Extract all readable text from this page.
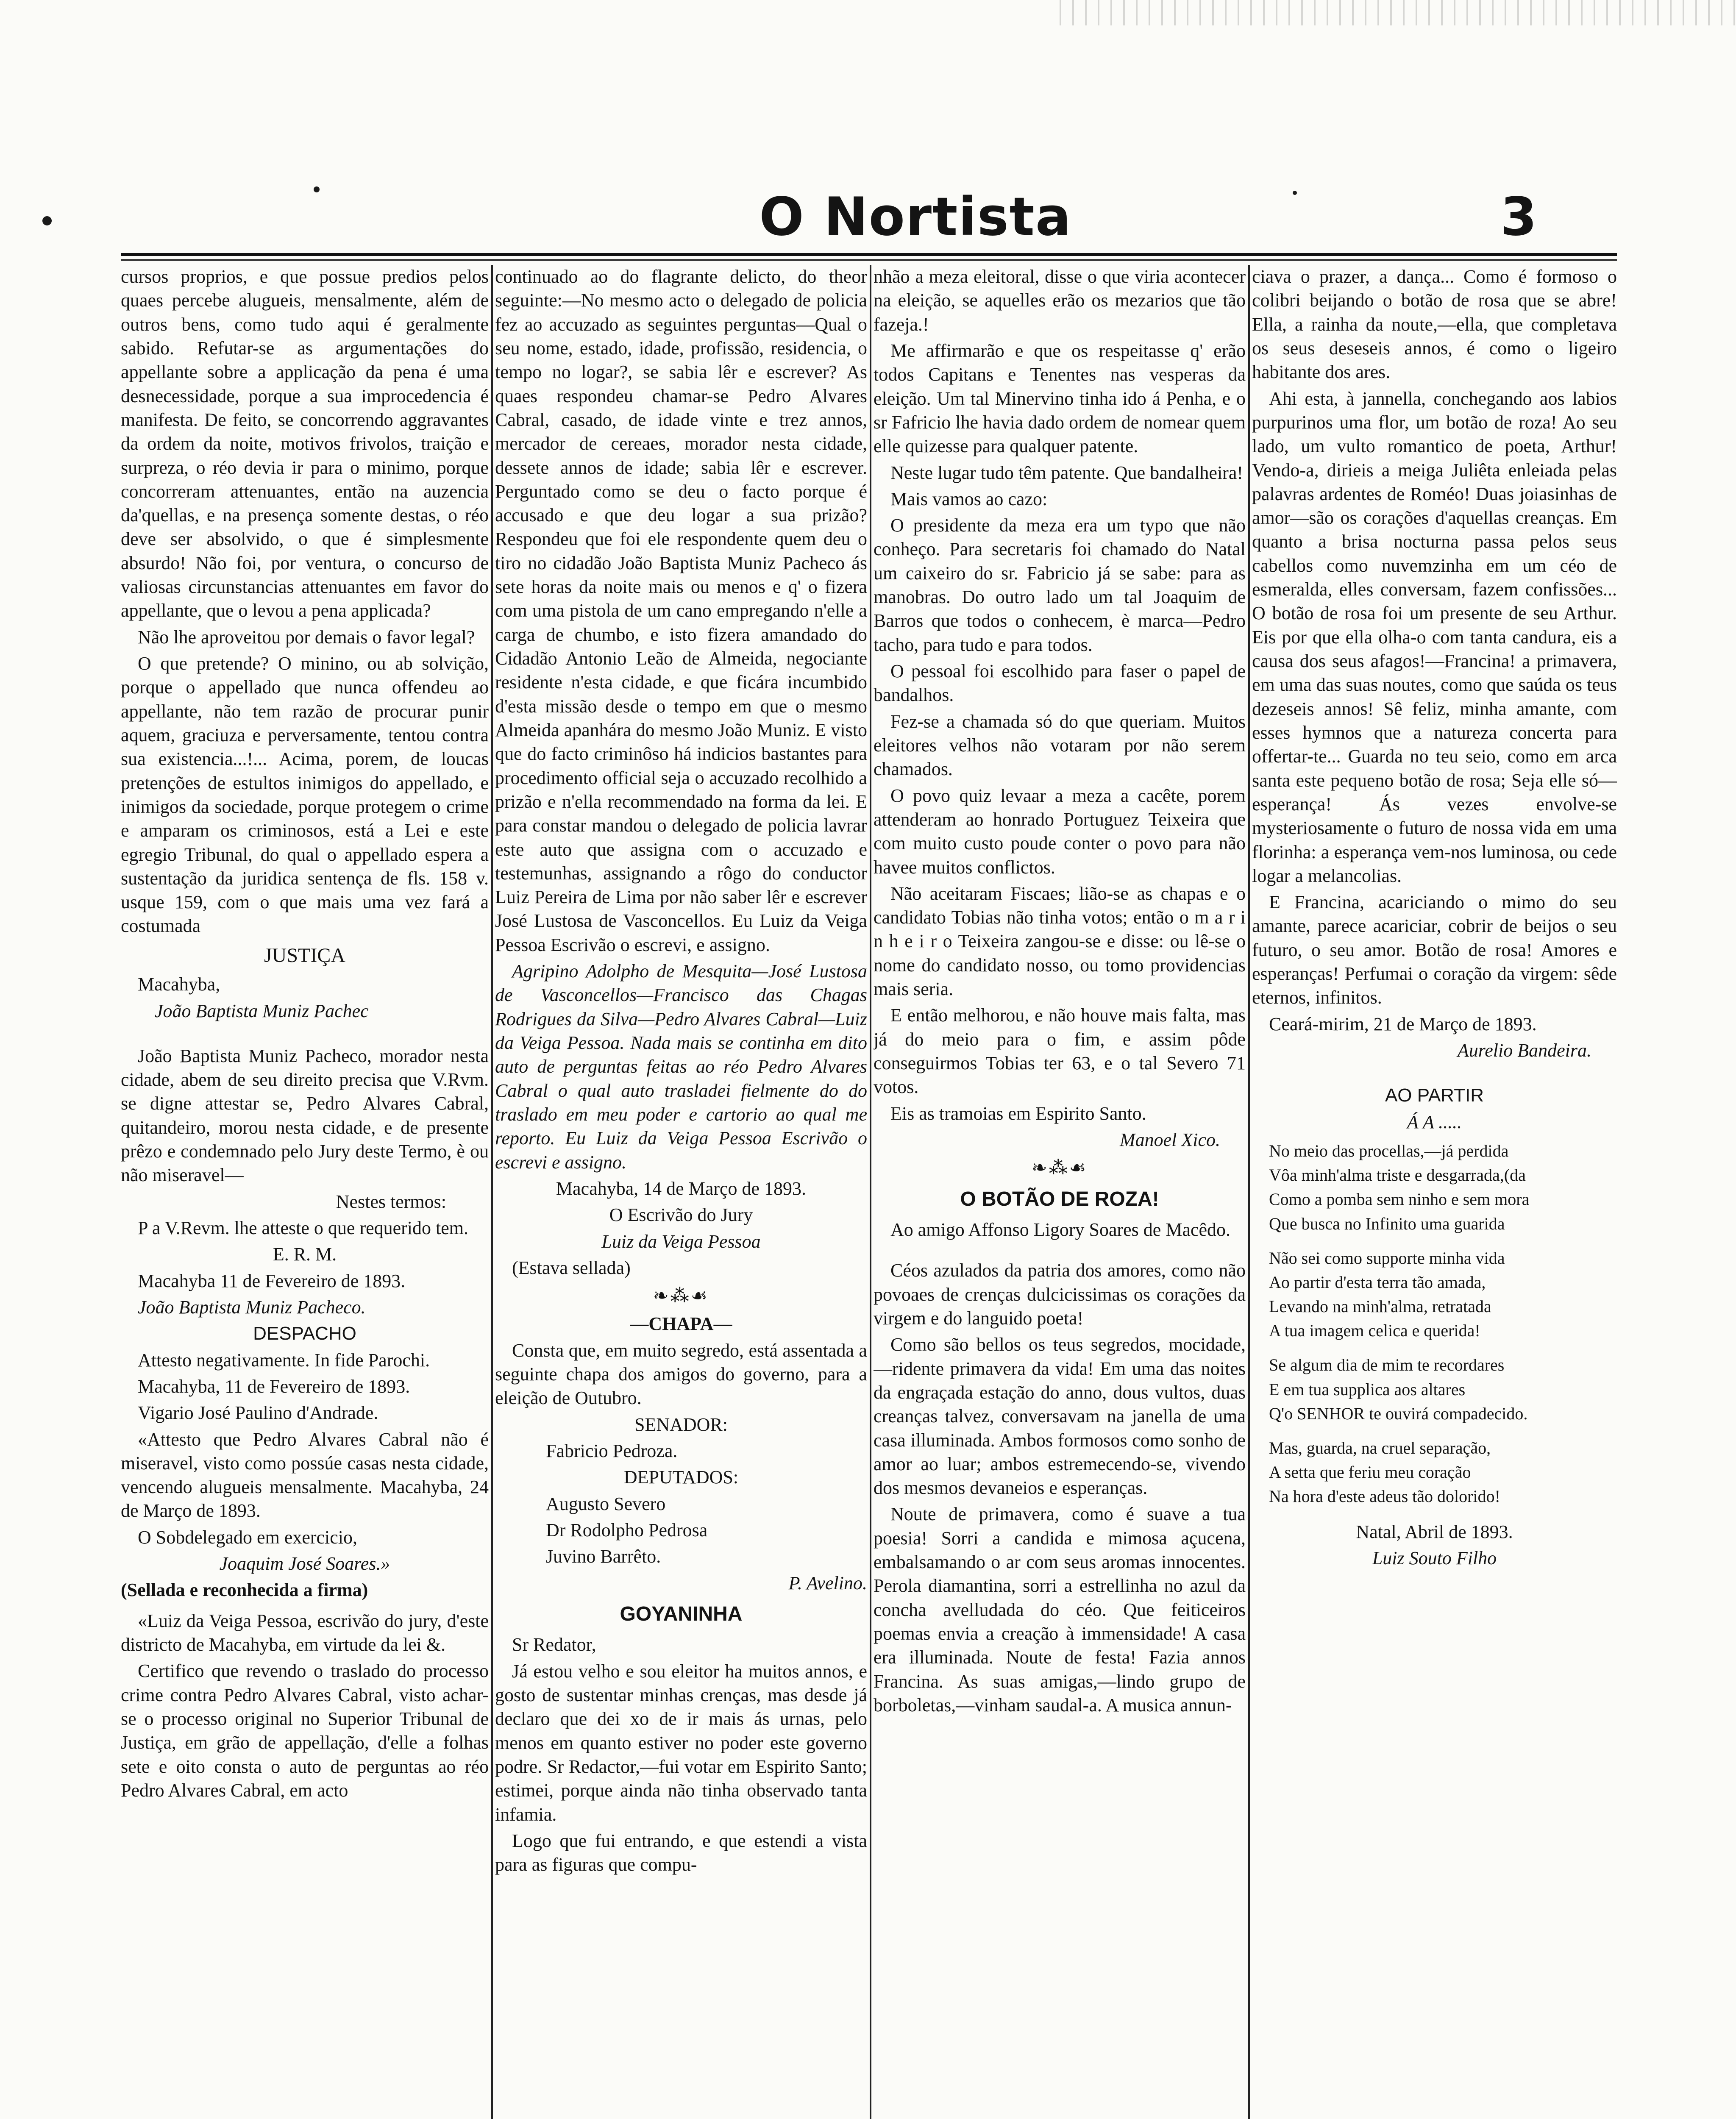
O Nortista	3

cursos proprios, e que possue predios pelos quaes percebe alugueis, mensalmente, além de outros bens, como tudo aqui é geralmente sabido. Refutar-se as argumentações do appellante sobre a applicação da pena é uma desnecessidade, porque a sua improcedencia é manifesta. De feito, se concorrendo aggravantes da ordem da noite, motivos frivolos, traição e surpreza, o réo devia ir para o minimo, porque concorreram attenuantes, então na auzencia da'quellas, e na presença somente destas, o réo deve ser absolvido, o que é simplesmente absurdo! Não foi, por ventura, o concurso de valiosas circunstancias attenuantes em favor do appellante, que o levou a pena applicada?

Não lhe aproveitou por demais o favor legal?

O que pretende? O minino, ou ab solvição, porque o appellado que nunca offendeu ao appellante, não tem razão de procurar punir aquem, graciuza e perversamente, tentou contra sua existencia...!... Acima, porem, de loucas pretenções de estultos inimigos do appellado, e inimigos da sociedade, porque protegem o crime e amparam os criminosos, está a Lei e este egregio Tribunal, do qual o appellado espera a sustentação da juridica sentença de fls. 158 v. usque 159, com o que mais uma vez fará a costumada

JUSTIÇA

Macahyba,

João Baptista Muniz Pachec

João Baptista Muniz Pacheco, morador nesta cidade, abem de seu direito precisa que V.Rvm. se digne attestar se, Pedro Alvares Cabral, quitandeiro, morou nesta cidade, e de presente prêzo e condemnado pelo Jury deste Termo, è ou não miseravel—

Nestes termos:

P a V.Revm. lhe atteste o que requerido tem.

E. R. M.

Macahyba 11 de Fevereiro de 1893.

João Baptista Muniz Pacheco.

DESPACHO

Attesto negativamente. In fide Parochi.

Macahyba, 11 de Fevereiro de 1893.

Vigario José Paulino d'Andrade.

«Attesto que Pedro Alvares Cabral não é miseravel, visto como possúe casas nesta cidade, vencendo alugueis mensalmente. Macahyba, 24 de Março de 1893.

O Sobdelegado em exercicio,

Joaquim José Soares.»

(Sellada e reconhecida a firma)

«Luiz da Veiga Pessoa, escrivão do jury, d'este districto de Macahyba, em virtude da lei &.

Certifico que revendo o traslado do processo crime contra Pedro Alvares Cabral, visto achar-se o processo original no Superior Tribunal de Justiça, em grão de appellação, d'elle a folhas sete e oito consta o auto de perguntas ao réo Pedro Alvares Cabral, em acto

continuado ao do flagrante delicto, do theor seguinte:—No mesmo acto o delegado de policia fez ao accuzado as seguintes perguntas—Qual o seu nome, estado, idade, profissão, residencia, o tempo no logar?, se sabia lêr e escrever? As quaes respondeu chamar-se Pedro Alvares Cabral, casado, de idade vinte e trez annos, mercador de cereaes, morador nesta cidade, dessete annos de idade; sabia lêr e escrever. Perguntado como se deu o facto porque é accusado e que deu logar a sua prizão? Respondeu que foi ele respondente quem deu o tiro no cidadão João Baptista Muniz Pacheco ás sete horas da noite mais ou menos e q' o fizera com uma pistola de um cano empregando n'elle a carga de chumbo, e isto fizera amandado do Cidadão Antonio Leão de Almeida, negociante residente n'esta cidade, e que ficára incumbido d'esta missão desde o tempo em que o mesmo Almeida apanhára do mesmo João Muniz. E visto que do facto criminôso há indicios bastantes para procedimento official seja o accuzado recolhido a prizão e n'ella recommendado na forma da lei. E para constar mandou o delegado de policia lavrar este auto que assigna com o accuzado e testemunhas, assignando a rôgo do conductor Luiz Pereira de Lima por não saber lêr e escrever José Lustosa de Vasconcellos. Eu Luiz da Veiga Pessoa Escrivão o escrevi, e assigno.

Agripino Adolpho de Mesquita—José Lustosa de Vasconcellos—Francisco das Chagas Rodrigues da Silva—Pedro Alvares Cabral—Luiz da Veiga Pessoa. Nada mais se continha em dito auto de perguntas feitas ao réo Pedro Alvares Cabral o qual auto trasladei fielmente do do traslado em meu poder e cartorio ao qual me reporto. Eu Luiz da Veiga Pessoa Escrivão o escrevi e assigno.

Macahyba, 14 de Março de 1893.

O Escrivão do Jury

Luiz da Veiga Pessoa

(Estava sellada)

❧⁂☙

—CHAPA—

Consta que, em muito segredo, está assentada a seguinte chapa dos amigos do governo, para a eleição de Outubro.

SENADOR:

Fabricio Pedroza.

DEPUTADOS:

Augusto Severo

Dr Rodolpho Pedrosa

Juvino Barrêto.

P. Avelino.

GOYANINHA

Sr Redator,

Já estou velho e sou eleitor ha muitos annos, e gosto de sustentar minhas crenças, mas desde já declaro que dei xo de ir mais ás urnas, pelo menos em quanto estiver no poder este governo podre. Sr Redactor,—fui votar em Espirito Santo; estimei, porque ainda não tinha observado tanta infamia.

Logo que fui entrando, e que estendi a vista para as figuras que compu-

nhão a meza eleitoral, disse o que viria acontecer na eleição, se aquelles erão os mezarios que tão fazeja.!

Me affirmarão e que os respeitasse q' erão todos Capitans e Tenentes nas vesperas da eleição. Um tal Minervino tinha ido á Penha, e o sr Fafricio lhe havia dado ordem de nomear quem elle quizesse para qualquer patente.

Neste lugar tudo têm patente. Que bandalheira!

Mais vamos ao cazo:

O presidente da meza era um typo que não conheço. Para secretaris foi chamado do Natal um caixeiro do sr. Fabricio já se sabe: para as manobras. Do outro lado um tal Joaquim de Barros que todos o conhecem, è marca—Pedro tacho, para tudo e para todos.

O pessoal foi escolhido para faser o papel de bandalhos.

Fez-se a chamada só do que queriam. Muitos eleitores velhos não votaram por não serem chamados.

O povo quiz levaar a meza a cacête, porem attenderam ao honrado Portuguez Teixeira que com muito custo poude conter o povo para não havee muitos conflictos.

Não aceitaram Fiscaes; lião-se as chapas e o candidato Tobias não tinha votos; então o m a r i n h e i r o Teixeira zangou-se e disse: ou lê-se o nome do candidato nosso, ou tomo providencias mais seria.

E então melhorou, e não houve mais falta, mas já do meio para o fim, e assim pôde conseguirmos Tobias ter 63, e o tal Severo 71 votos.

Eis as tramoias em Espirito Santo.

Manoel Xico.

❧⁂☙

O BOTÃO DE ROZA!

Ao amigo Affonso Ligory Soares de Macêdo.

Céos azulados da patria dos amores, como não povoaes de crenças dulcicissimas os corações da virgem e do languido poeta!

Como são bellos os teus segredos, mocidade,—ridente primavera da vida! Em uma das noites da engraçada estação do anno, dous vultos, duas creanças talvez, conversavam na janella de uma casa illuminada. Ambos formosos como sonho de amor ao luar; ambos estremecendo-se, vivendo dos mesmos devaneios e esperanças.

Noute de primavera, como é suave a tua poesia! Sorri a candida e mimosa açucena, embalsamando o ar com seus aromas innocentes. Perola diamantina, sorri a estrellinha no azul da concha avelludada do céo. Que feiticeiros poemas envia a creação à immensidade! A casa era illuminada. Noute de festa! Fazia annos Francina. As suas amigas,—lindo grupo de borboletas,—vinham saudal-a. A musica annun-

ciava o prazer, a dança... Como é formoso o colibri beijando o botão de rosa que se abre! Ella, a rainha da noute,—ella, que completava os seus deseseis annos, é como o ligeiro habitante dos ares.

Ahi esta, à jannella, conchegando aos labios purpurinos uma flor, um botão de roza! Ao seu lado, um vulto romantico de poeta, Arthur! Vendo-a, dirieis a meiga Juliêta enleiada pelas palavras ardentes de Roméo! Duas joiasinhas de amor—são os corações d'aquellas creanças. Em quanto a brisa nocturna passa pelos seus cabellos como nuvemzinha em um céo de esmeralda, elles conversam, fazem confissões... O botão de rosa foi um presente de seu Arthur. Eis por que ella olha-o com tanta candura, eis a causa dos seus afagos!—Francina! a primavera, em uma das suas noutes, como que saúda os teus dezeseis annos! Sê feliz, minha amante, com esses hymnos que a natureza concerta para offertar-te... Guarda no teu seio, como em arca santa este pequeno botão de rosa; Seja elle só—esperança! Ás vezes envolve-se mysteriosamente o futuro de nossa vida em uma florinha: a esperança vem-nos luminosa, ou cede logar a melancolias.

E Francina, acariciando o mimo do seu amante, parece acariciar, cobrir de beijos o seu futuro, o seu amor. Botão de rosa! Amores e esperanças! Perfumai o coração da virgem: sêde eternos, infinitos.

Ceará-mirim, 21 de Março de 1893.

Aurelio Bandeira.

AO PARTIR

Á A .....

No meio das procellas,—já perdida

Vôa minh'alma triste e desgarrada,(da

Como a pomba sem ninho e sem mora

Que busca no Infinito uma guarida

Não sei como supporte minha vida

Ao partir d'esta terra tão amada,

Levando na minh'alma, retratada

A tua imagem celica e querida!

Se algum dia de mim te recordares

E em tua supplica aos altares

Q'o SENHOR te ouvirá compadecido.

Mas, guarda, na cruel separação,

A setta que feriu meu coração

Na hora d'este adeus tão dolorido!

Natal, Abril de 1893.

Luiz Souto Filho
